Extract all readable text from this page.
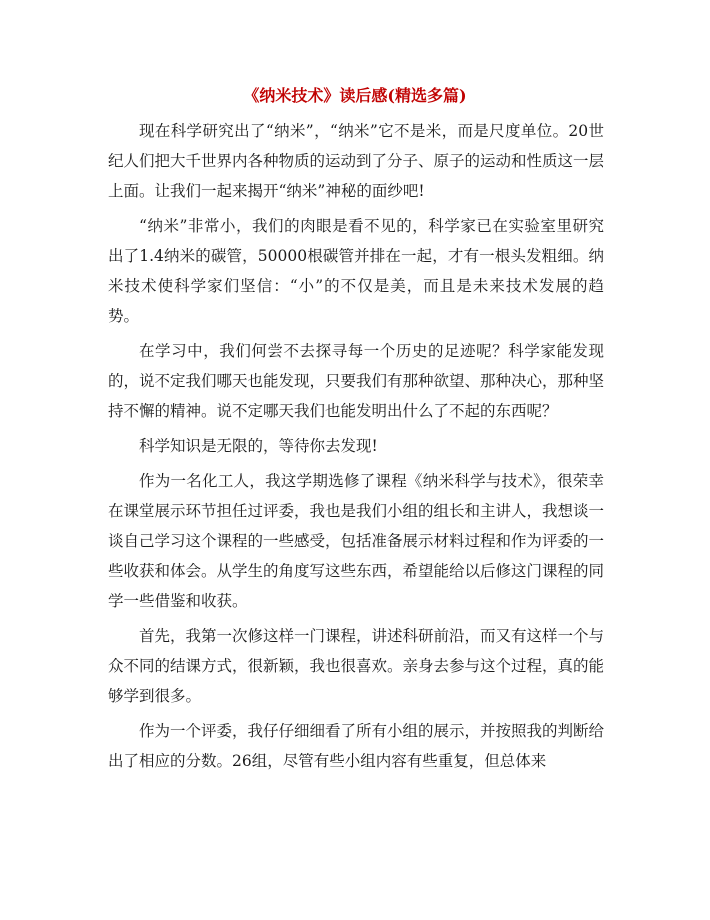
《纳米技术》读后感(精选多篇)

现在科学研究出了“纳米”，“纳米”它不是米，而是尺度单位。20世纪人们把大千世界内各种物质的运动到了分子、原子的运动和性质这一层上面。让我们一起来揭开“纳米”神秘的面纱吧!

“纳米”非常小，我们的肉眼是看不见的，科学家已在实验室里研究出了1.4纳米的碳管，50000根碳管并排在一起，才有一根头发粗细。纳米技术使科学家们坚信：“小”的不仅是美，而且是未来技术发展的趋势。

在学习中，我们何尝不去探寻每一个历史的足迹呢？科学家能发现的，说不定我们哪天也能发现，只要我们有那种欲望、那种决心，那种坚持不懈的精神。说不定哪天我们也能发明出什么了不起的东西呢？

科学知识是无限的，等待你去发现!

作为一名化工人，我这学期选修了课程《纳米科学与技术》，很荣幸在课堂展示环节担任过评委，我也是我们小组的组长和主讲人，我想谈一谈自己学习这个课程的一些感受，包括准备展示材料过程和作为评委的一些收获和体会。从学生的角度写这些东西，希望能给以后修这门课程的同学一些借鉴和收获。

首先，我第一次修这样一门课程，讲述科研前沿，而又有这样一个与众不同的结课方式，很新颖，我也很喜欢。亲身去参与这个过程，真的能够学到很多。

作为一个评委，我仔仔细细看了所有小组的展示，并按照我的判断给出了相应的分数。26组，尽管有些小组内容有些重复，但总体来
